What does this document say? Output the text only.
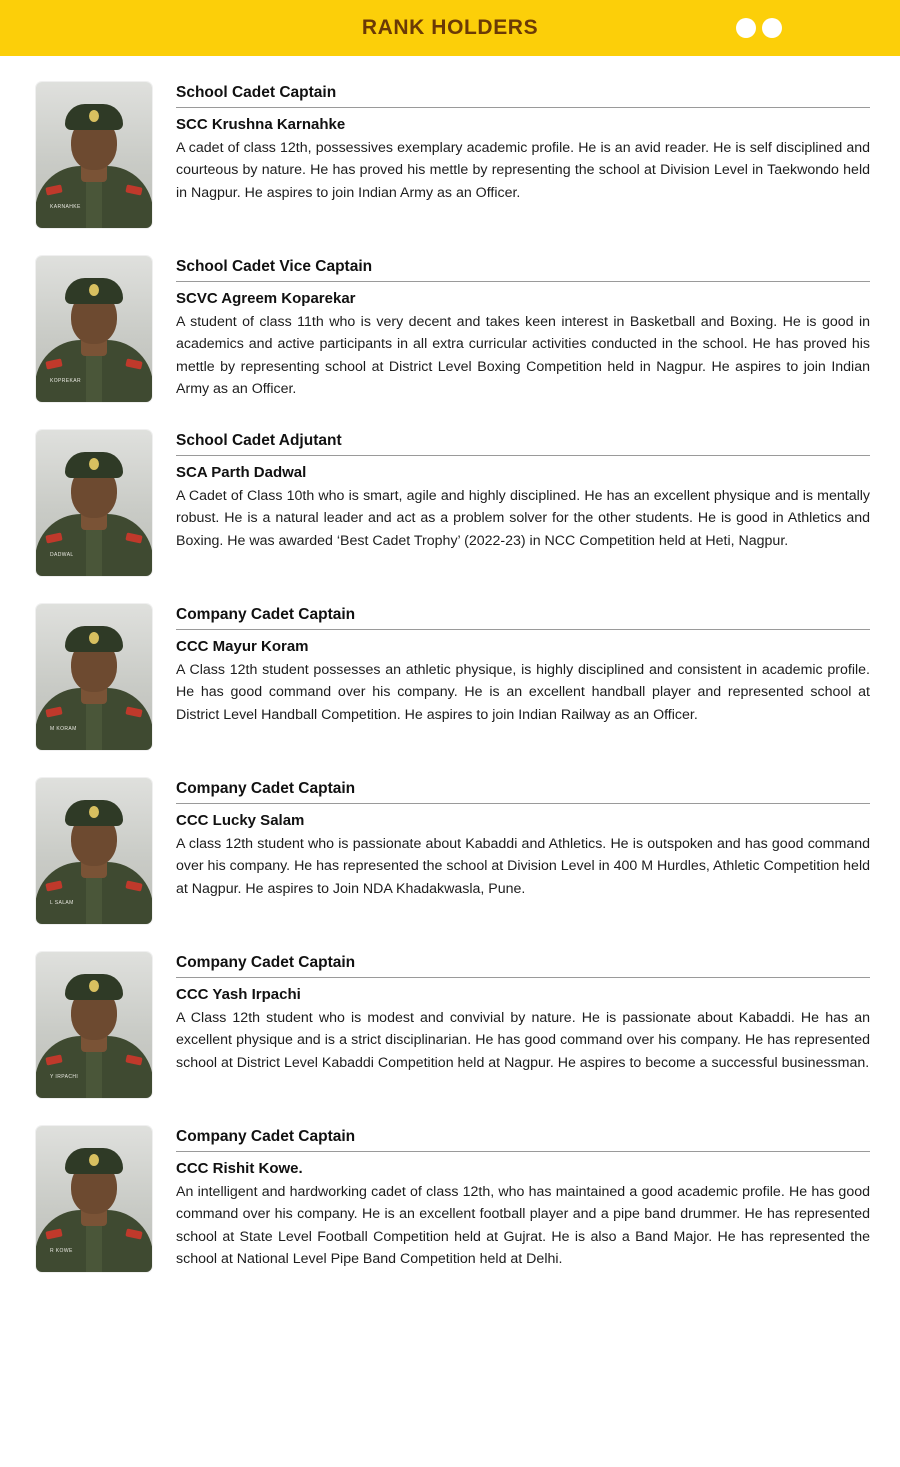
RANK HOLDERS
KARNAHKE
School Cadet Captain
SCC Krushna Karnahke

A cadet of class 12th, possessives exemplary academic profile. He is an avid reader. He is self disciplined and courteous by nature. He has proved his mettle by representing the school at Division Level in Taekwondo held in Nagpur. He aspires to join Indian Army as an Officer.

KOPREKAR
School Cadet Vice Captain
SCVC Agreem Koparekar

A student of class 11th who is very decent and takes keen interest in Basketball and Boxing. He is good in academics and active participants in all extra curricular activities conducted in the school. He has proved his mettle by representing school at District Level Boxing Competition held in Nagpur. He aspires to join Indian Army as an Officer.

DADWAL
School Cadet Adjutant
SCA Parth Dadwal

A Cadet of Class 10th who is smart, agile and highly disciplined. He has an excellent physique and is mentally robust. He is a natural leader and act as a problem solver for the other students. He is good in Athletics and Boxing. He was awarded ‘Best Cadet Trophy’ (2022-23) in NCC Competition held at Heti, Nagpur.

M KORAM
Company Cadet Captain
CCC Mayur Koram

A Class 12th student possesses an athletic physique, is highly disciplined and consistent in academic profile. He has good command over his company. He is an excellent handball player and represented school at District Level Handball Competition. He aspires to join Indian Railway as an Officer.

L SALAM
Company Cadet Captain
CCC Lucky Salam

A class 12th student who is passionate about Kabaddi and Athletics. He is outspoken and has good command over his company. He has represented the school at Division Level in 400 M Hurdles, Athletic Competition held at Nagpur. He aspires to Join NDA Khadakwasla, Pune.

Y IRPACHI
Company Cadet Captain
CCC Yash Irpachi

A Class 12th student who is modest and convivial by nature. He is passionate about Kabaddi. He has an excellent physique and is a strict disciplinarian. He has good command over his company. He has represented school at District Level Kabaddi Competition held at Nagpur. He aspires to become a successful businessman.

R KOWE
Company Cadet Captain
CCC Rishit Kowe.

An intelligent and hardworking cadet of class 12th, who has maintained a good academic profile. He has good command over his company. He is an excellent football player and a pipe band drummer. He has represented school at State Level Football Competition held at Gujrat. He is also a Band Major. He has represented the school at National Level Pipe Band Competition held at Delhi.
